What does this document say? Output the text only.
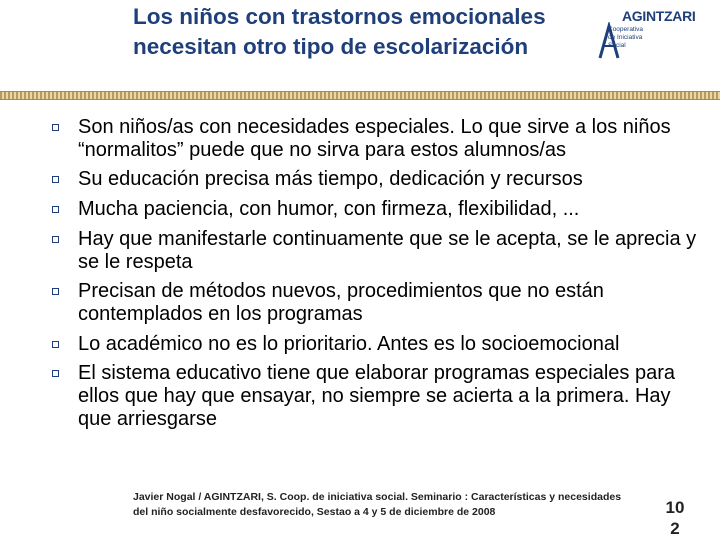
Los niños con trastornos emocionales necesitan otro tipo de escolarización
AGINTZARI
Cooperativa
de Iniciativa
Social
Son niños/as con necesidades especiales. Lo que sirve a los niños “normalitos” puede que no sirva para estos alumnos/as
Su educación precisa más tiempo, dedicación y recursos
Mucha paciencia, con humor, con firmeza, flexibilidad, ...
Hay que manifestarle continuamente que se le acepta, se le aprecia y se le respeta
Precisan de métodos nuevos, procedimientos que no están contemplados en los programas
Lo académico no es lo prioritario. Antes es lo socioemocional
El sistema educativo tiene que elaborar programas especiales para ellos que hay que ensayar, no siempre se acierta a la primera. Hay que arriesgarse
Javier Nogal / AGINTZARI, S. Coop. de iniciativa social. Seminario : Características y necesidades del niño socialmente desfavorecido, Sestao a 4 y 5 de diciembre de 2008	10
2
